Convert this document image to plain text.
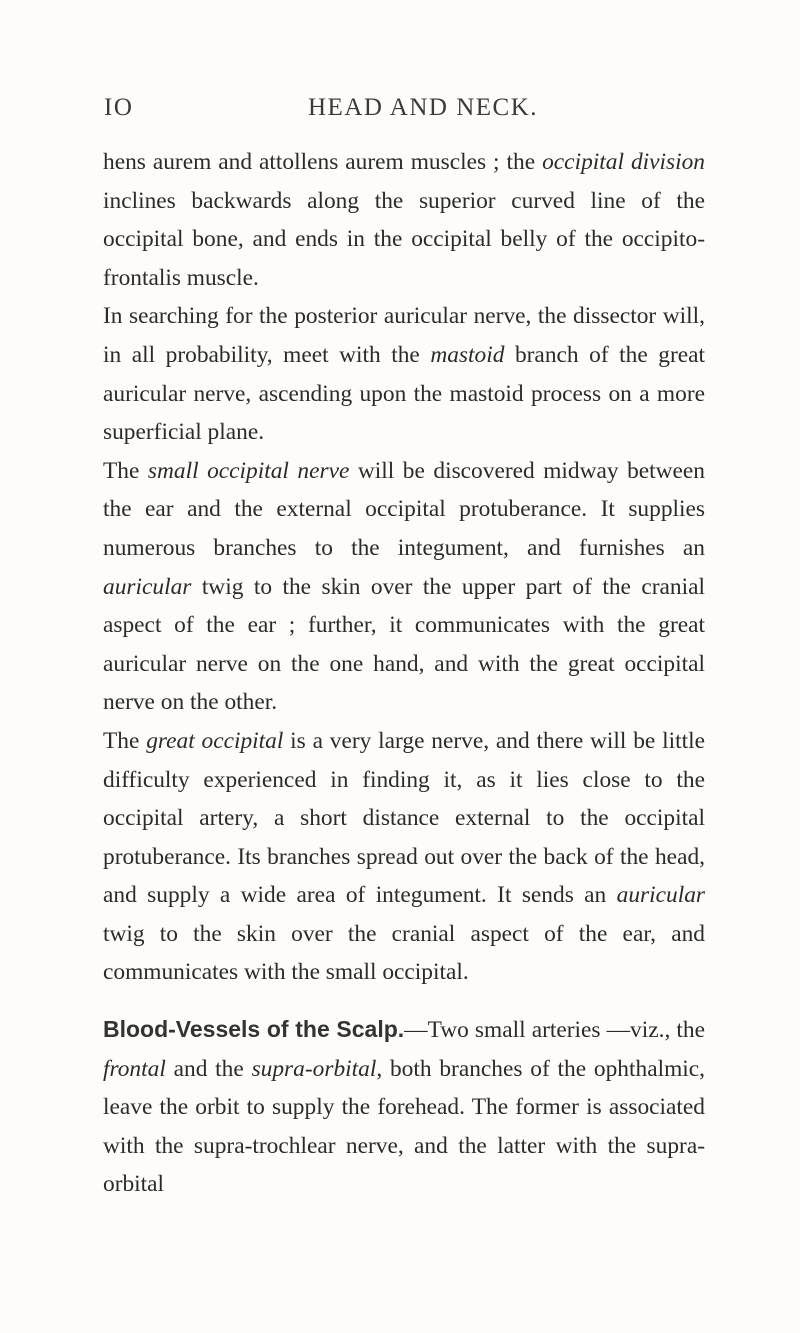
IO	HEAD AND NECK.

hens aurem and attollens aurem muscles ; the occipital division inclines backwards along the superior curved line of the occipital bone, and ends in the occipital belly of the occipito-frontalis muscle.

In searching for the posterior auricular nerve, the dissector will, in all probability, meet with the mastoid branch of the great auricular nerve, ascending upon the mastoid process on a more superficial plane.

The small occipital nerve will be discovered midway between the ear and the external occipital protuberance. It supplies numerous branches to the integument, and furnishes an auricular twig to the skin over the upper part of the cranial aspect of the ear ; further, it communicates with the great auricular nerve on the one hand, and with the great occipital nerve on the other.

The great occipital is a very large nerve, and there will be little difficulty experienced in finding it, as it lies close to the occipital artery, a short distance external to the occipital protuberance. Its branches spread out over the back of the head, and supply a wide area of integument. It sends an auricular twig to the skin over the cranial aspect of the ear, and communicates with the small occipital.

Blood-Vessels of the Scalp.—Two small arteries —viz., the frontal and the supra-orbital, both branches of the ophthalmic, leave the orbit to supply the forehead. The former is associated with the supra-trochlear nerve, and the latter with the supra-orbital
